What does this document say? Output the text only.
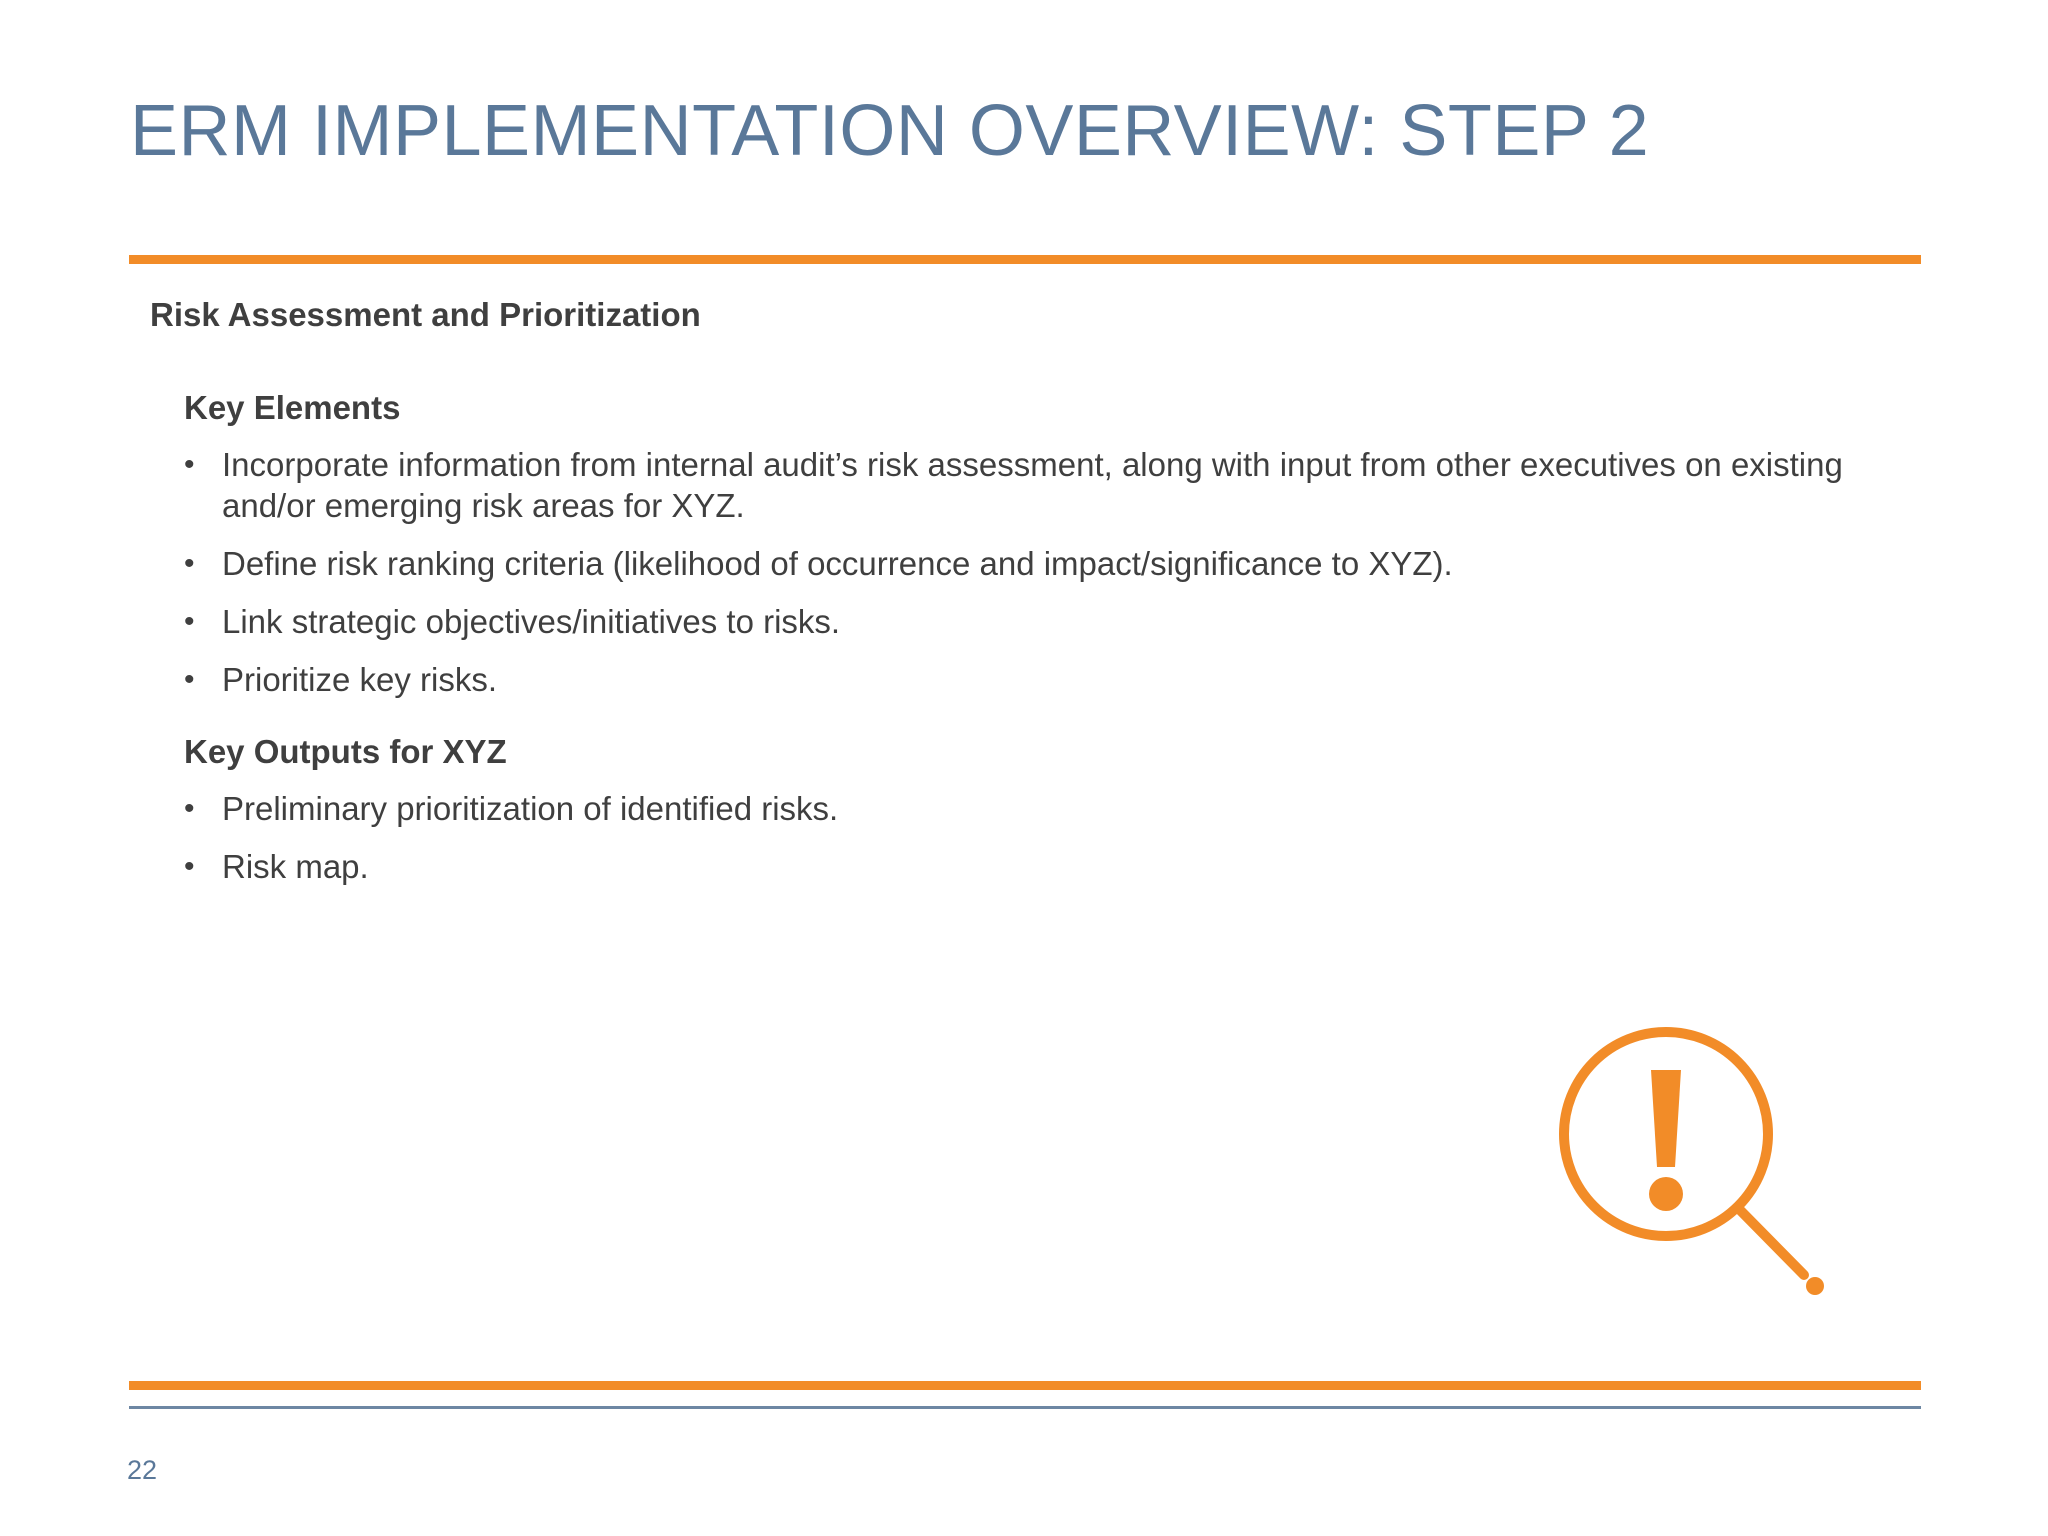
ERM IMPLEMENTATION OVERVIEW: STEP 2
Risk Assessment and Prioritization
Key Elements
• Incorporate information from internal audit’s risk assessment, along with input from other executives on existing and/or emerging risk areas for XYZ.
• Define risk ranking criteria (likelihood of occurrence and impact/significance to XYZ).
• Link strategic objectives/initiatives to risks.
• Prioritize key risks.
Key Outputs for XYZ
• Preliminary prioritization of identified risks.
• Risk map.

22
